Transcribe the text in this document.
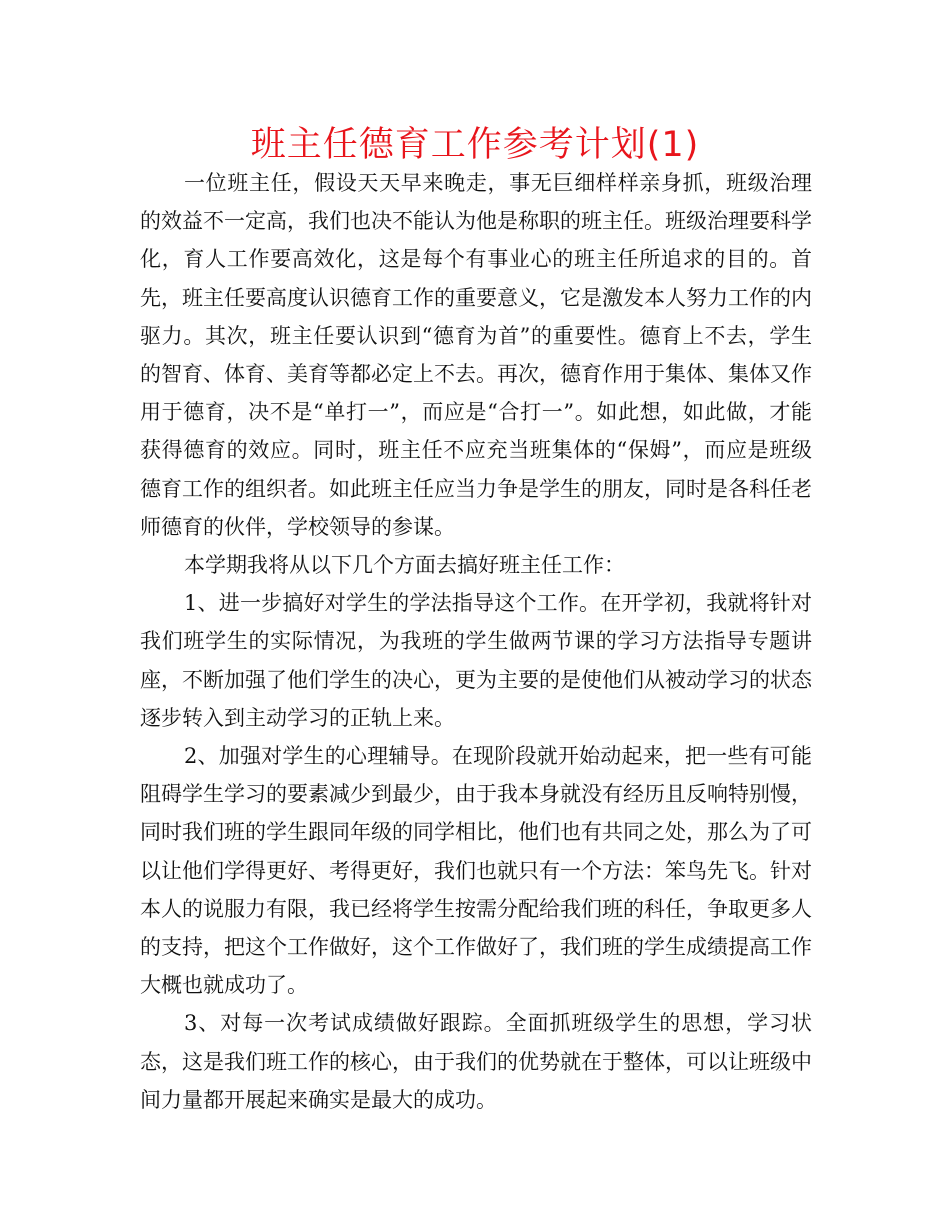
班主任德育工作参考计划(1)

一位班主任，假设天天早来晚走，事无巨细样样亲身抓，班级治理的效益不一定高，我们也决不能认为他是称职的班主任。班级治理要科学化，育人工作要高效化，这是每个有事业心的班主任所追求的目的。首先，班主任要高度认识德育工作的重要意义，它是激发本人努力工作的内驱力。其次，班主任要认识到“德育为首”的重要性。德育上不去，学生的智育、体育、美育等都必定上不去。再次，德育作用于集体、集体又作用于德育，决不是“单打一”，而应是“合打一”。如此想，如此做，才能获得德育的效应。同时，班主任不应充当班集体的“保姆”，而应是班级德育工作的组织者。如此班主任应当力争是学生的朋友，同时是各科任老师德育的伙伴，学校领导的参谋。

本学期我将从以下几个方面去搞好班主任工作：

1、进一步搞好对学生的学法指导这个工作。在开学初，我就将针对我们班学生的实际情况，为我班的学生做两节课的学习方法指导专题讲座，不断加强了他们学生的决心，更为主要的是使他们从被动学习的状态逐步转入到主动学习的正轨上来。

2、加强对学生的心理辅导。在现阶段就开始动起来，把一些有可能阻碍学生学习的要素减少到最少，由于我本身就没有经历且反响特别慢，同时我们班的学生跟同年级的同学相比，他们也有共同之处，那么为了可以让他们学得更好、考得更好，我们也就只有一个方法：笨鸟先飞。针对本人的说服力有限，我已经将学生按需分配给我们班的科任，争取更多人的支持，把这个工作做好，这个工作做好了，我们班的学生成绩提高工作大概也就成功了。

3、对每一次考试成绩做好跟踪。全面抓班级学生的思想，学习状态，这是我们班工作的核心，由于我们的优势就在于整体，可以让班级中间力量都开展起来确实是最大的成功。
